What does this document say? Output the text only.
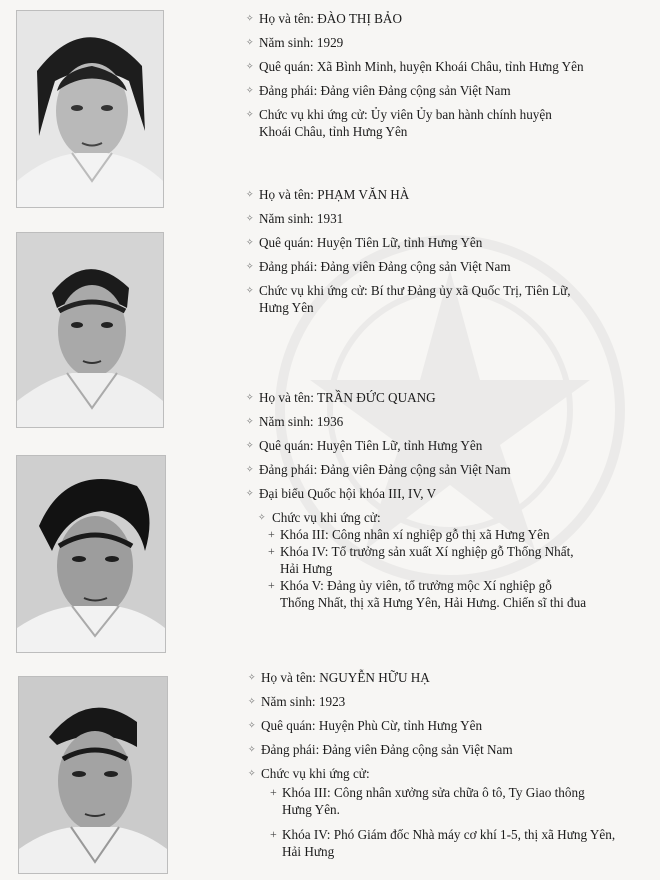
✧ Họ và tên: ĐÀO THỊ BẢO
✧ Năm sinh: 1929
✧ Quê quán: Xã Bình Minh, huyện Khoái Châu, tỉnh Hưng Yên
✧ Đảng phái: Đảng viên Đảng cộng sản Việt Nam
✧ Chức vụ khi ứng cử: Ủy viên Ủy ban hành chính huyện
Khoái Châu, tỉnh Hưng Yên
✧ Họ và tên: PHẠM VĂN HÀ
✧ Năm sinh: 1931
✧ Quê quán: Huyện Tiên Lữ, tỉnh Hưng Yên
✧ Đảng phái: Đảng viên Đảng cộng sản Việt Nam
✧ Chức vụ khi ứng cử: Bí thư Đảng ủy xã Quốc Trị, Tiên Lữ,
Hưng Yên
✧ Họ và tên: TRẦN ĐỨC QUANG
✧ Năm sinh: 1936
✧ Quê quán: Huyện Tiên Lữ, tỉnh Hưng Yên
✧ Đảng phái: Đảng viên Đảng cộng sản Việt Nam
✧ Đại biểu Quốc hội khóa III, IV, V
✧ Chức vụ khi ứng cử:
+ Khóa III: Công nhân xí nghiệp gỗ thị xã Hưng Yên
+ Khóa IV: Tổ trưởng sản xuất Xí nghiệp gỗ Thống Nhất,
Hải Hưng
+ Khóa V: Đảng ủy viên, tổ trưởng mộc Xí nghiệp gỗ
Thống Nhất, thị xã Hưng Yên, Hải Hưng. Chiến sĩ thi đua
✧ Họ và tên: NGUYỄN HỮU HẠ
✧ Năm sinh: 1923
✧ Quê quán: Huyện Phù Cừ, tỉnh Hưng Yên
✧ Đảng phái: Đảng viên Đảng cộng sản Việt Nam
✧ Chức vụ khi ứng cử:
+ Khóa III: Công nhân xưởng sửa chữa ô tô, Ty Giao thông
Hưng Yên.
+ Khóa IV: Phó Giám đốc Nhà máy cơ khí 1-5, thị xã Hưng Yên,
Hải Hưng
